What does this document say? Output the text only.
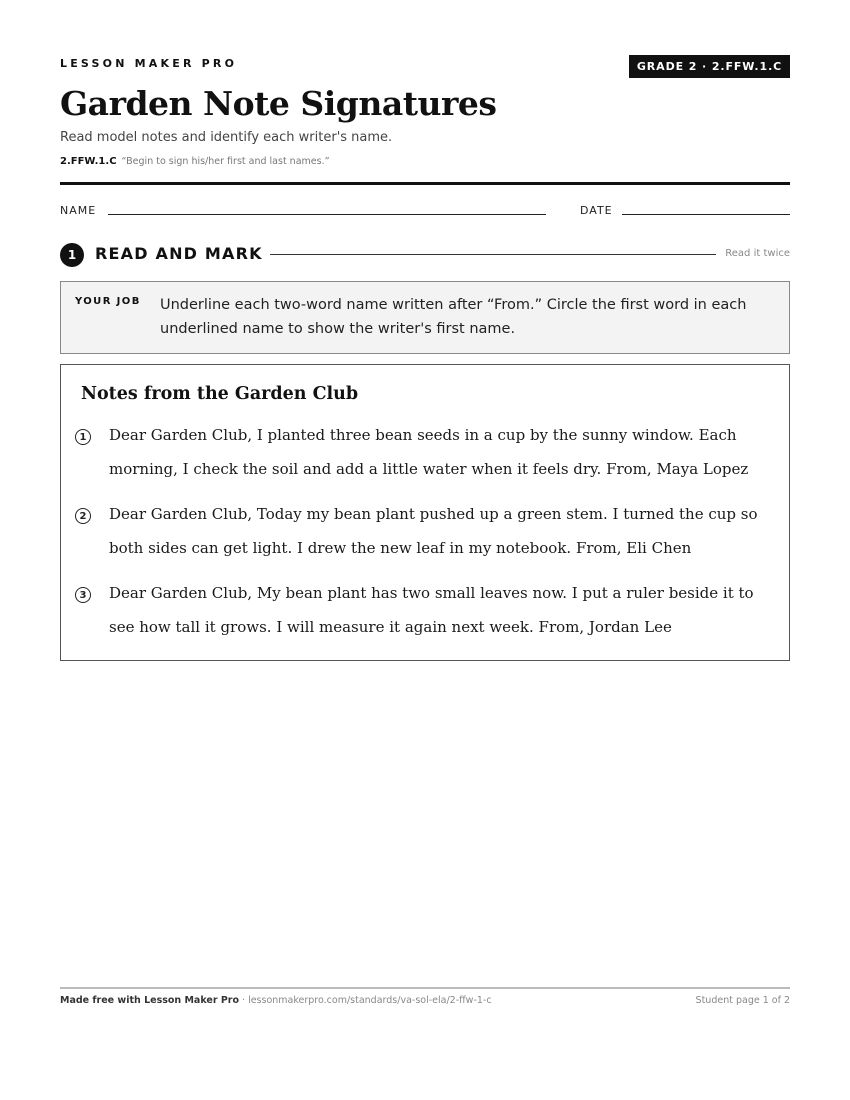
LESSON MAKER PRO	GRADE 2 · 2.FFW.1.C
Garden Note Signatures
Read model notes and identify each writer's name.
2.FFW.1.C “Begin to sign his/her first and last names.”
NAME	DATE
1	READ AND MARK	Read it twice
YOUR JOB Underline each two-word name written after “From.” Circle the first word in each underlined name to show the writer's first name.
Notes from the Garden Club
1	Dear Garden Club, I planted three bean seeds in a cup by the sunny window. Each morning, I check the soil and add a little water when it feels dry. From, Maya Lopez
2	Dear Garden Club, Today my bean plant pushed up a green stem. I turned the cup so both sides can get light. I drew the new leaf in my notebook. From, Eli Chen
3	Dear Garden Club, My bean plant has two small leaves now. I put a ruler beside it to see how tall it grows. I will measure it again next week. From, Jordan Lee
Made free with Lesson Maker Pro · lessonmakerpro.com/standards/va-sol-ela/2-ffw-1-c	Student page 1 of 2
